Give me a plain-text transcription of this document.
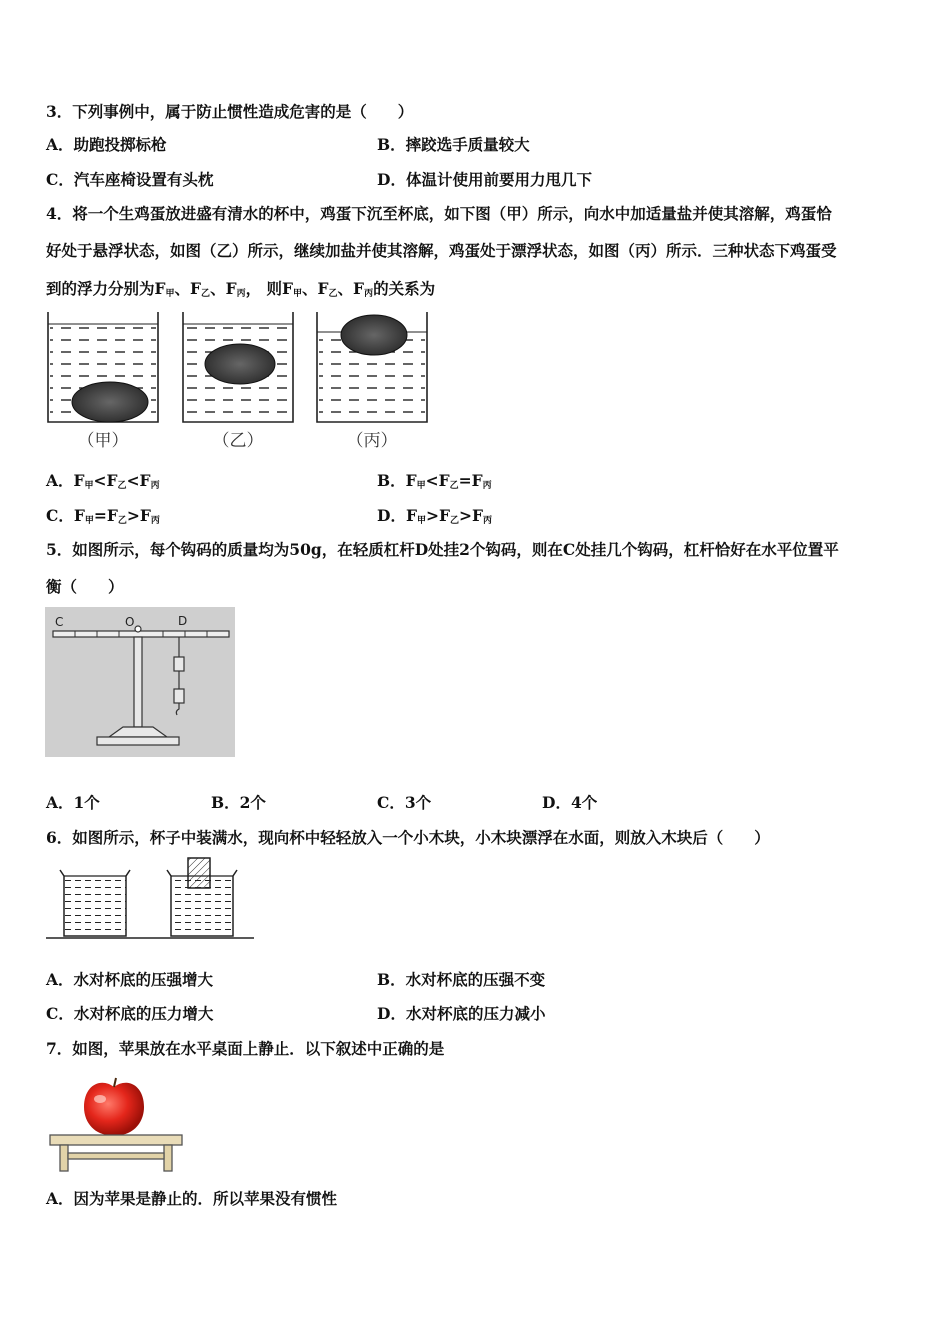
3．下列事例中，属于防止惯性造成危害的是（　　）
A．助跑投掷标枪	B．摔跤选手质量较大
C．汽车座椅设置有头枕	D．体温计使用前要用力甩几下
4．将一个生鸡蛋放进盛有清水的杯中，鸡蛋下沉至杯底，如下图（甲）所示，向水中加适量盐并使其溶解，鸡蛋恰
好处于悬浮状态，如图（乙）所示，继续加盐并使其溶解，鸡蛋处于漂浮状态，如图（丙）所示．三种状态下鸡蛋受
到的浮力分别为$F_甲$、$F_乙$、$F_丙$， 则$F_甲$、$F_乙$、$F_丙$的关系为
（甲）	（乙）	（丙）
A．$F_甲<F_乙<F_丙$	B．$F_甲<F_乙=F_丙$
C．$F_甲=F_乙>F_丙$	D．$F_甲>F_乙>F_丙$
5．如图所示，每个钩码的质量均为50g，在轻质杠杆D处挂2个钩码，则在C处挂几个钩码，杠杆恰好在水平位置平
衡（　　）
C	O	D
A．1个	B．2个	C．3个	D．4个
6．如图所示，杯子中装满水，现向杯中轻轻放入一个小木块，小木块漂浮在水面，则放入木块后（　　）
A．水对杯底的压强增大	B．水对杯底的压强不变
C．水对杯底的压力增大	D．水对杯底的压力减小
7．如图，苹果放在水平桌面上静止．以下叙述中正确的是
A．因为苹果是静止的．所以苹果没有惯性
